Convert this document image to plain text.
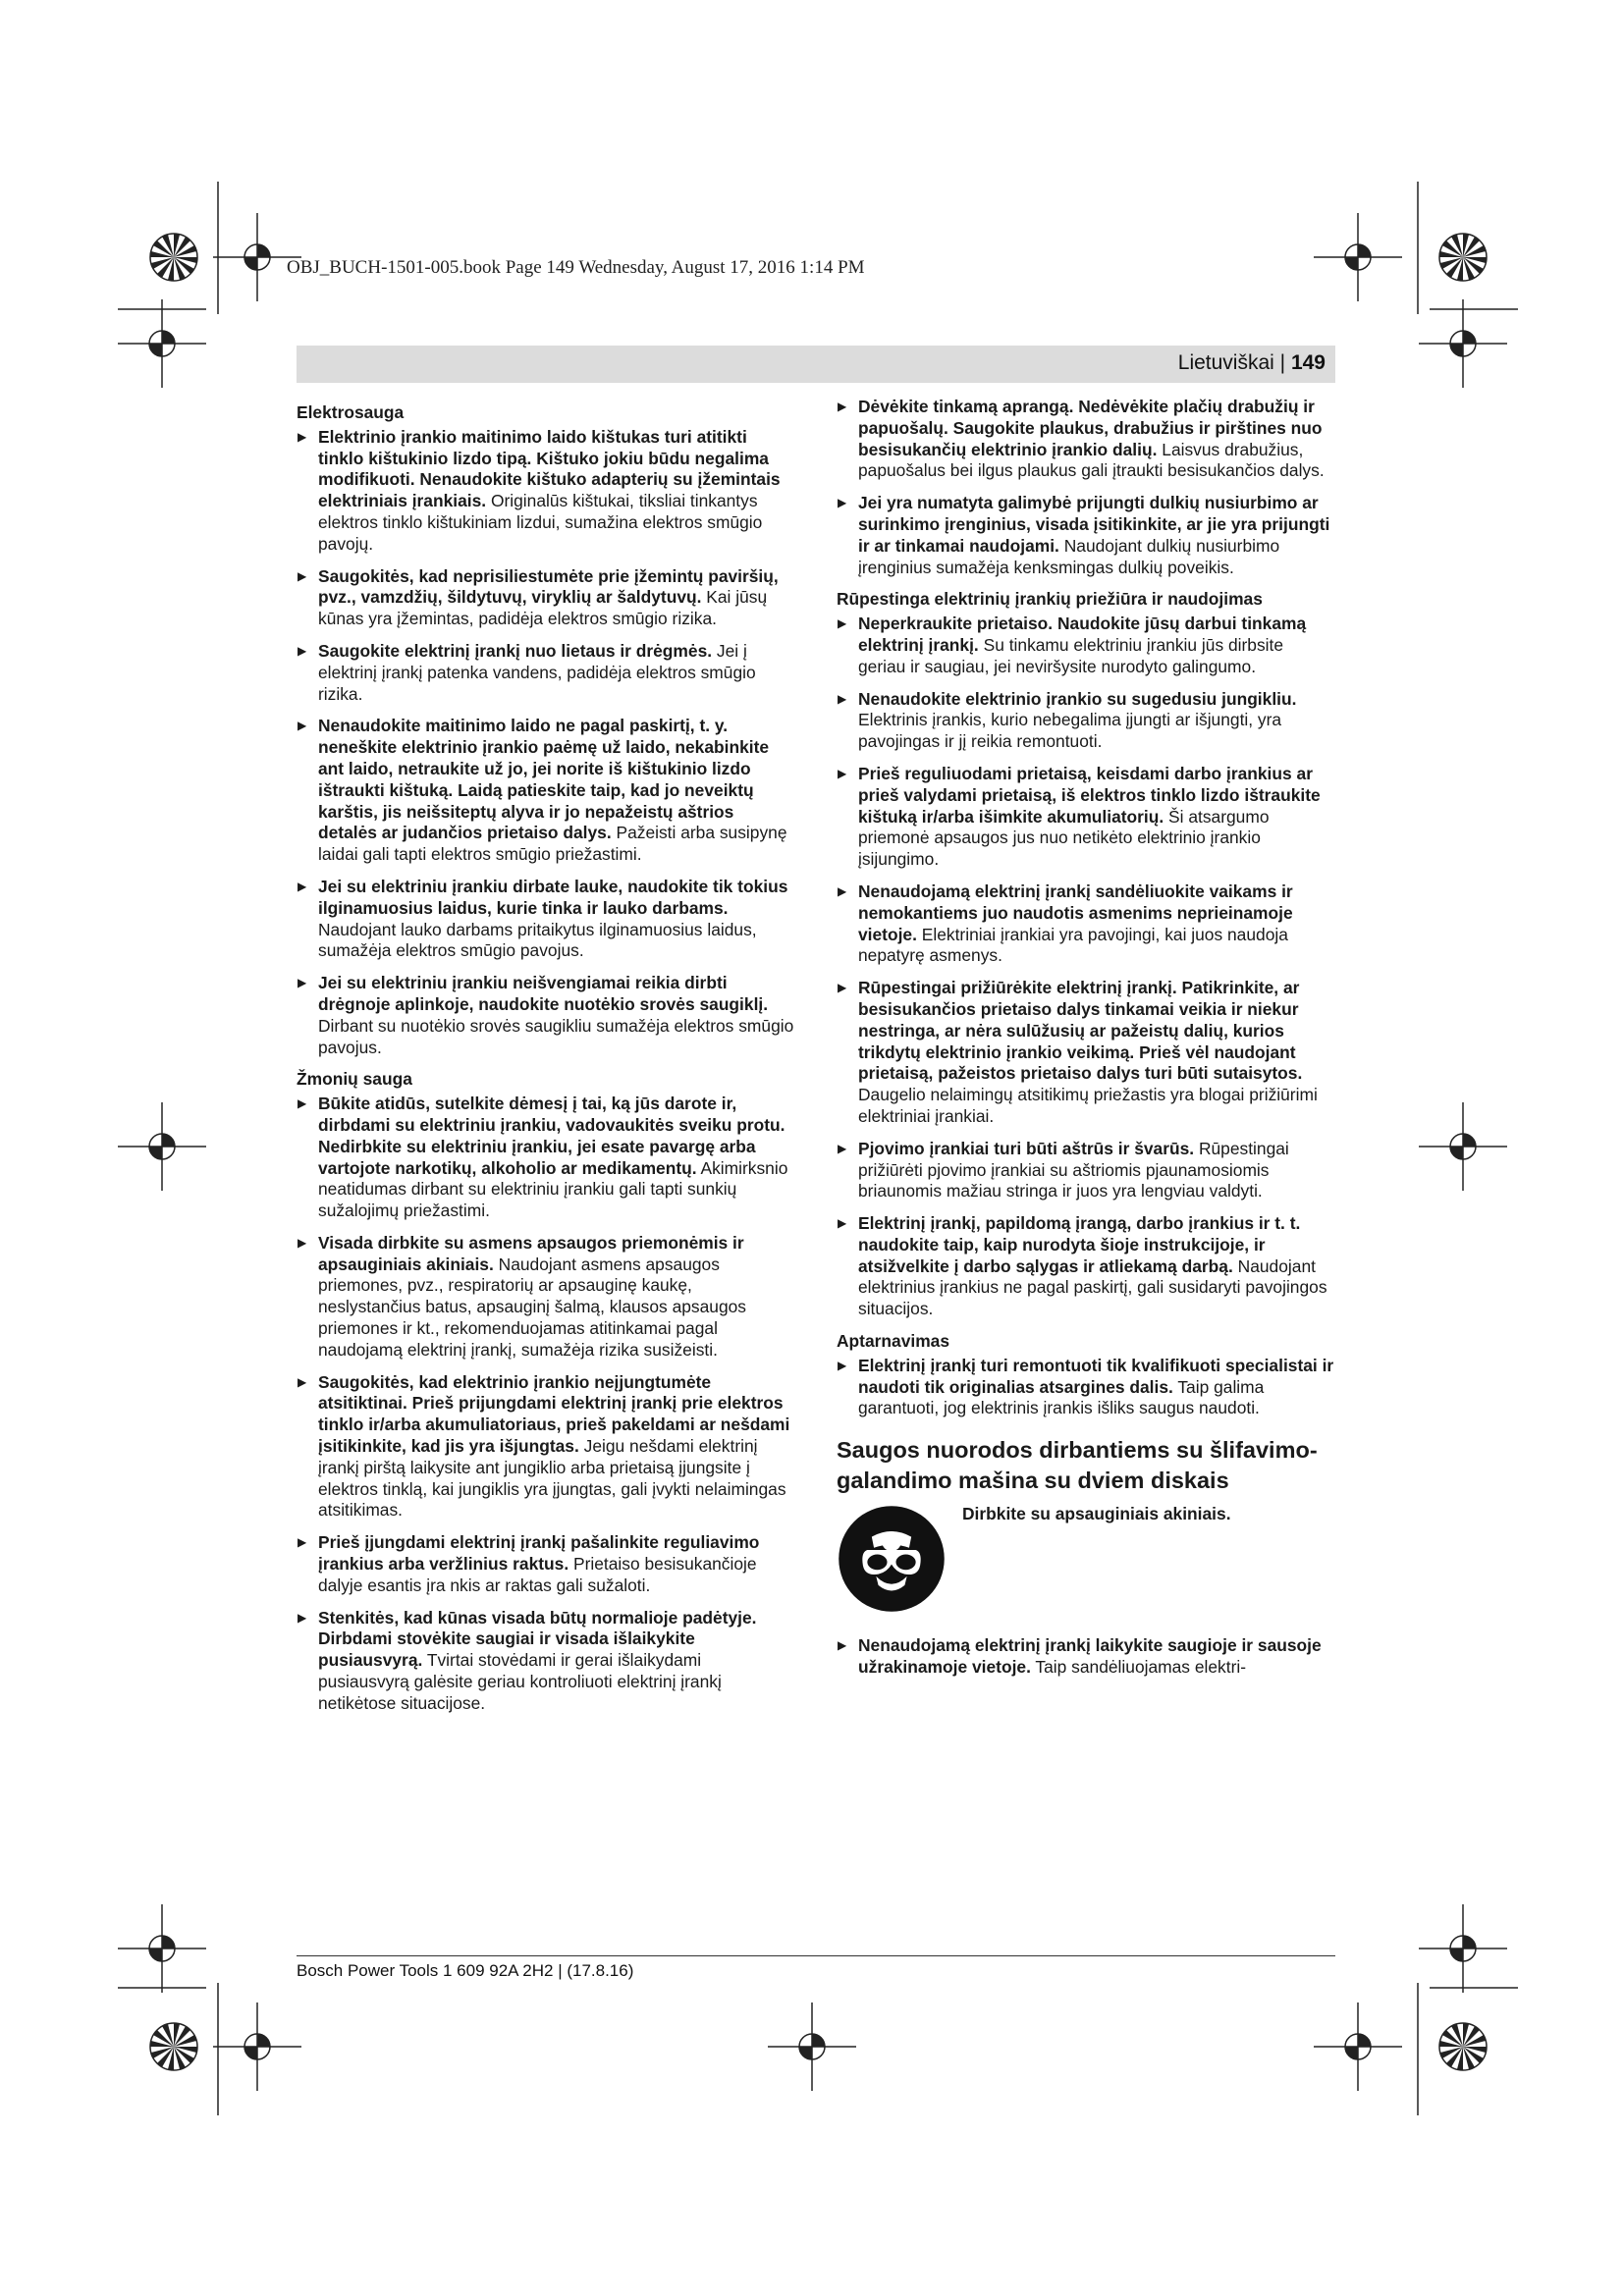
OBJ_BUCH-1501-005.book Page 149 Wednesday, August 17, 2016 1:14 PM
Lietuviškai | 149
Elektrosauga
▶ Elektrinio įrankio maitinimo laido kištukas turi atitikti tinklo kištukinio lizdo tipą. Kištuko jokiu būdu negalima modifikuoti. Nenaudokite kištuko adapterių su įžemintais elektriniais įrankiais. Originalūs kištukai, tiksliai tinkantys elektros tinklo kištukiniam lizdui, sumažina elektros smūgio pavojų.
▶ Saugokitės, kad neprisiliestumėte prie įžemintų paviršių, pvz., vamzdžių, šildytuvų, viryklių ar šaldytuvų. Kai jūsų kūnas yra įžemintas, padidėja elektros smūgio rizika.
▶ Saugokite elektrinį įrankį nuo lietaus ir drėgmės. Jei į elektrinį įrankį patenka vandens, padidėja elektros smūgio rizika.
▶ Nenaudokite maitinimo laido ne pagal paskirtį, t. y. neneškite elektrinio įrankio paėmę už laido, nekabinkite ant laido, netraukite už jo, jei norite iš kištukinio lizdo ištraukti kištuką. Laidą patieskite taip, kad jo neveiktų karštis, jis neišsiteptų alyva ir jo nepažeistų aštrios detalės ar judančios prietaiso dalys. Pažeisti arba susipynę laidai gali tapti elektros smūgio priežastimi.
▶ Jei su elektriniu įrankiu dirbate lauke, naudokite tik tokius ilginamuosius laidus, kurie tinka ir lauko darbams. Naudojant lauko darbams pritaikytus ilginamuosius laidus, sumažėja elektros smūgio pavojus.
▶ Jei su elektriniu įrankiu neišvengiamai reikia dirbti drėgnoje aplinkoje, naudokite nuotėkio srovės saugiklį. Dirbant su nuotėkio srovės saugikliu sumažėja elektros smūgio pavojus.
Žmonių sauga
▶ Būkite atidūs, sutelkite dėmesį į tai, ką jūs darote ir, dirbdami su elektriniu įrankiu, vadovaukitės sveiku protu. Nedirbkite su elektriniu įrankiu, jei esate pavargę arba vartojote narkotikų, alkoholio ar medikamentų. Akimirksnio neatidumas dirbant su elektriniu įrankiu gali tapti sunkių sužalojimų priežastimi.
▶ Visada dirbkite su asmens apsaugos priemonėmis ir apsauginiais akiniais. Naudojant asmens apsaugos priemones, pvz., respiratorių ar apsauginę kaukę, neslystančius batus, apsauginį šalmą, klausos apsaugos priemones ir kt., rekomenduojamas atitinkamai pagal naudojamą elektrinį įrankį, sumažėja rizika susižeisti.
▶ Saugokitės, kad elektrinio įrankio neįjungtumėte atsitiktinai. Prieš prijungdami elektrinį įrankį prie elektros tinklo ir/arba akumuliatoriaus, prieš pakeldami ar nešdami įsitikinkite, kad jis yra išjungtas. Jeigu nešdami elektrinį įrankį pirštą laikysite ant jungiklio arba prietaisą įjungsite į elektros tinklą, kai jungiklis yra įjungtas, gali įvykti nelaimingas atsitikimas.
▶ Prieš įjungdami elektrinį įrankį pašalinkite reguliavimo įrankius arba veržlinius raktus. Prietaiso besisukančioje dalyje esantis įra nkis ar raktas gali sužaloti.
▶ Stenkitės, kad kūnas visada būtų normalioje padėtyje. Dirbdami stovėkite saugiai ir visada išlaikykite pusiausvyrą. Tvirtai stovėdami ir gerai išlaikydami pusiausvyrą galėsite geriau kontroliuoti elektrinį įrankį netikėtose situacijose.
▶ Dėvėkite tinkamą aprangą. Nedėvėkite plačių drabužių ir papuošalų. Saugokite plaukus, drabužius ir pirštines nuo besisukančių elektrinio įrankio dalių. Laisvus drabužius, papuošalus bei ilgus plaukus gali įtraukti besisukančios dalys.
▶ Jei yra numatyta galimybė prijungti dulkių nusiurbimo ar surinkimo įrenginius, visada įsitikinkite, ar jie yra prijungti ir ar tinkamai naudojami. Naudojant dulkių nusiurbimo įrenginius sumažėja kenksmingas dulkių poveikis.
Rūpestinga elektrinių įrankių priežiūra ir naudojimas
▶ Neperkraukite prietaiso. Naudokite jūsų darbui tinkamą elektrinį įrankį. Su tinkamu elektriniu įrankiu jūs dirbsite geriau ir saugiau, jei neviršysite nurodyto galingumo.
▶ Nenaudokite elektrinio įrankio su sugedusiu jungikliu. Elektrinis įrankis, kurio nebegalima įjungti ar išjungti, yra pavojingas ir jį reikia remontuoti.
▶ Prieš reguliuodami prietaisą, keisdami darbo įrankius ar prieš valydami prietaisą, iš elektros tinklo lizdo ištraukite kištuką ir/arba išimkite akumuliatorių. Ši atsargumo priemonė apsaugos jus nuo netikėto elektrinio įrankio įsijungimo.
▶ Nenaudojamą elektrinį įrankį sandėliuokite vaikams ir nemokantiems juo naudotis asmenims neprieinamoje vietoje. Elektriniai įrankiai yra pavojingi, kai juos naudoja nepatyrę asmenys.
▶ Rūpestingai prižiūrėkite elektrinį įrankį. Patikrinkite, ar besisukančios prietaiso dalys tinkamai veikia ir niekur nestringa, ar nėra sulūžusių ar pažeistų dalių, kurios trikdytų elektrinio įrankio veikimą. Prieš vėl naudojant prietaisą, pažeistos prietaiso dalys turi būti sutaisytos. Daugelio nelaimingų atsitikimų priežastis yra blogai prižiūrimi elektriniai įrankiai.
▶ Pjovimo įrankiai turi būti aštrūs ir švarūs. Rūpestingai prižiūrėti pjovimo įrankiai su aštriomis pjaunamosiomis briaunomis mažiau stringa ir juos yra lengviau valdyti.
▶ Elektrinį įrankį, papildomą įrangą, darbo įrankius ir t. t. naudokite taip, kaip nurodyta šioje instrukcijoje, ir atsižvelkite į darbo sąlygas ir atliekamą darbą. Naudojant elektrinius įrankius ne pagal paskirtį, gali susidaryti pavojingos situacijos.
Aptarnavimas
▶ Elektrinį įrankį turi remontuoti tik kvalifikuoti specialistai ir naudoti tik originalias atsargines dalis. Taip galima garantuoti, jog elektrinis įrankis išliks saugus naudoti.
Saugos nuorodos dirbantiems su šlifavimo-galandimo mašina su dviem diskais
Dirbkite su apsauginiais akiniais.
▶ Nenaudojamą elektrinį įrankį laikykite saugioje ir sausoje užrakinamoje vietoje. Taip sandėliuojamas elektri-
Bosch Power Tools 1 609 92A 2H2 | (17.8.16)
